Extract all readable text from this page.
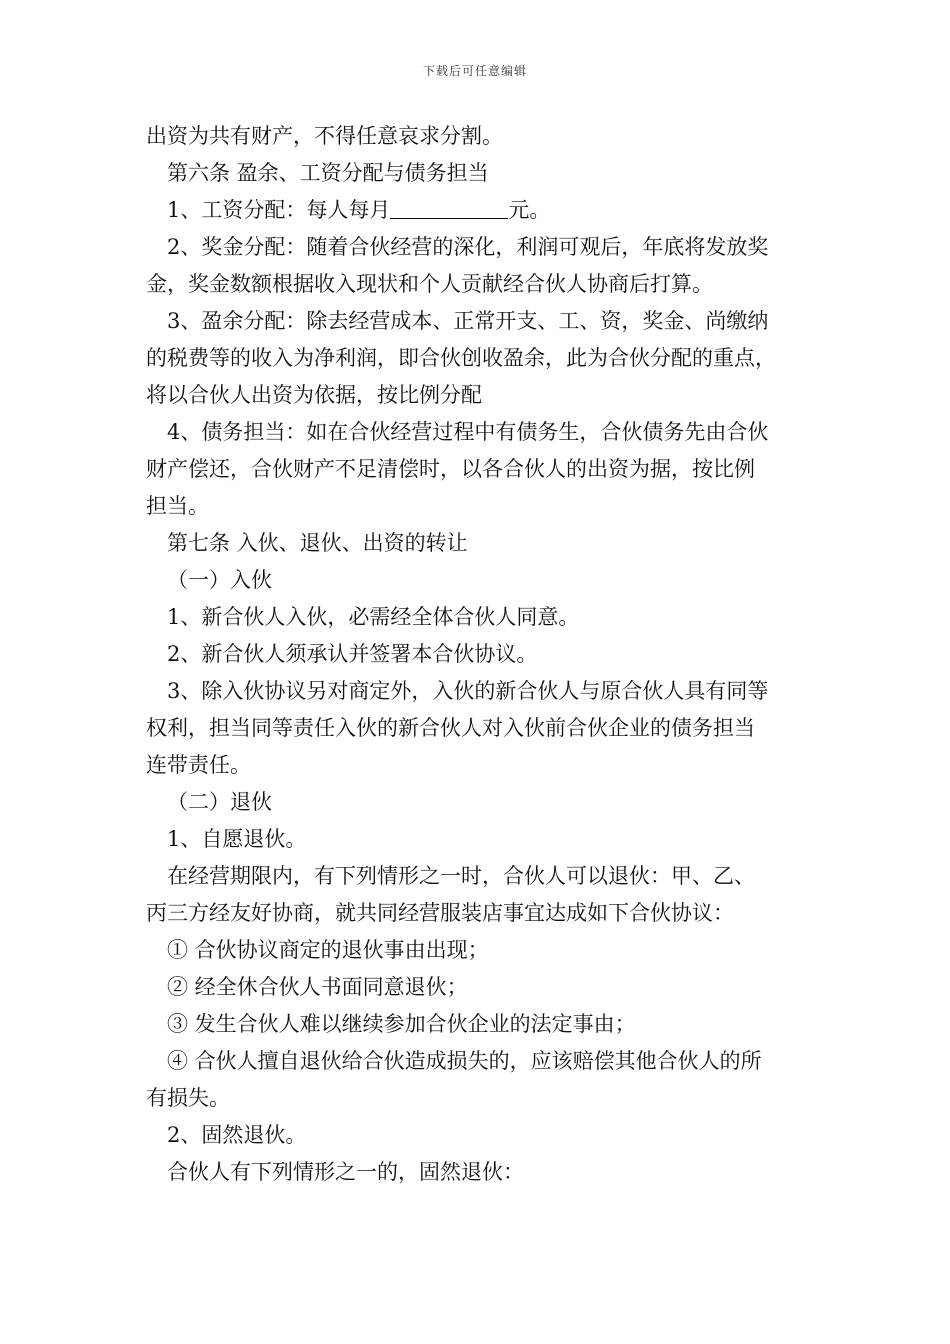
下载后可任意编辑
出资为共有财产，不得任意哀求分割。
第六条 盈余、工资分配与债务担当
1、工资分配：每人每月	元。
2、奖金分配：随着合伙经营的深化，利润可观后，年底将发放奖
金，奖金数额根据收入现状和个人贡献经合伙人协商后打算。
3、盈余分配：除去经营成本、正常开支、工、资，奖金、尚缴纳
的税费等的收入为净利润，即合伙创收盈余，此为合伙分配的重点，
将以合伙人出资为依据，按比例分配
4、债务担当：如在合伙经营过程中有债务生，合伙债务先由合伙
财产偿还，合伙财产不足清偿时，以各合伙人的出资为据，按比例
担当。
第七条 入伙、退伙、出资的转让
（一）入伙
1、新合伙人入伙，必需经全体合伙人同意。
2、新合伙人须承认并签署本合伙协议。
3、除入伙协议另对商定外，入伙的新合伙人与原合伙人具有同等
权利，担当同等责任入伙的新合伙人对入伙前合伙企业的债务担当
连带责任。
（二）退伙
1、自愿退伙。
在经营期限内，有下列情形之一时，合伙人可以退伙：甲、乙、
丙三方经友好协商，就共同经营服装店事宜达成如下合伙协议：
① 合伙协议商定的退伙事由出现；
② 经全休合伙人书面同意退伙；
③ 发生合伙人难以继续参加合伙企业的法定事由；
④ 合伙人擅自退伙给合伙造成损失的，应该赔偿其他合伙人的所
有损失。
2、固然退伙。
合伙人有下列情形之一的，固然退伙：
